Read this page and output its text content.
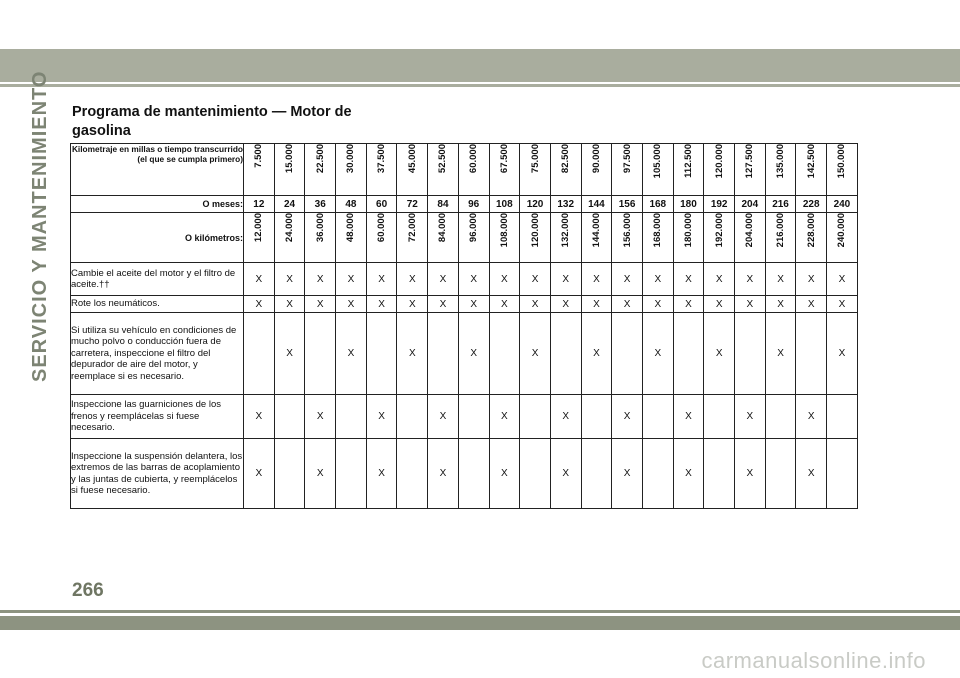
SERVICIO Y MANTENIMIENTO Programa de mantenimiento — Motor de gasolina
Kilometraje en millas o tiempo transcurrido (el que se cumpla primero)	7.500	15.000	22.500	30.000	37.500	45.000	52.500	60.000	67.500	75.000	82.500	90.000	97.500	105.000	112.500	120.000	127.500	135.000	142.500	150.000

O meses:	12	24	36	48	60	72	84	96	108	120	132	144	156	168	180	192	204	216	228	240
O kilómetros:	12.000	24.000	36.000	48.000	60.000	72.000	84.000	96.000	108.000	120.000	132.000	144.000	156.000	168.000	180.000	192.000	204.000	216.000	228.000	240.000

Cambie el aceite del motor y el filtro de aceite.††	X	X	X	X	X	X	X	X	X	X	X	X	X	X	X	X	X	X	X	X
Rote los neumáticos.	X	X	X	X	X	X	X	X	X	X	X	X	X	X	X	X	X	X	X	X
Si utiliza su vehículo en condiciones de mucho polvo o conducción fuera de carretera, inspeccione el filtro del depurador de aire del motor, y reemplace si es necesario.		X		X		X		X		X		X		X		X		X		X
Inspeccione las guarniciones de los frenos y reemplácelas si fuese necesario.	X		X		X		X		X		X		X		X		X		X	
Inspeccione la suspensión delantera, los extremos de las barras de acoplamiento y las juntas de cubierta, y reemplácelos si fuese necesario.	X		X		X		X		X		X		X		X		X		X	
266
carmanualsonline.info
